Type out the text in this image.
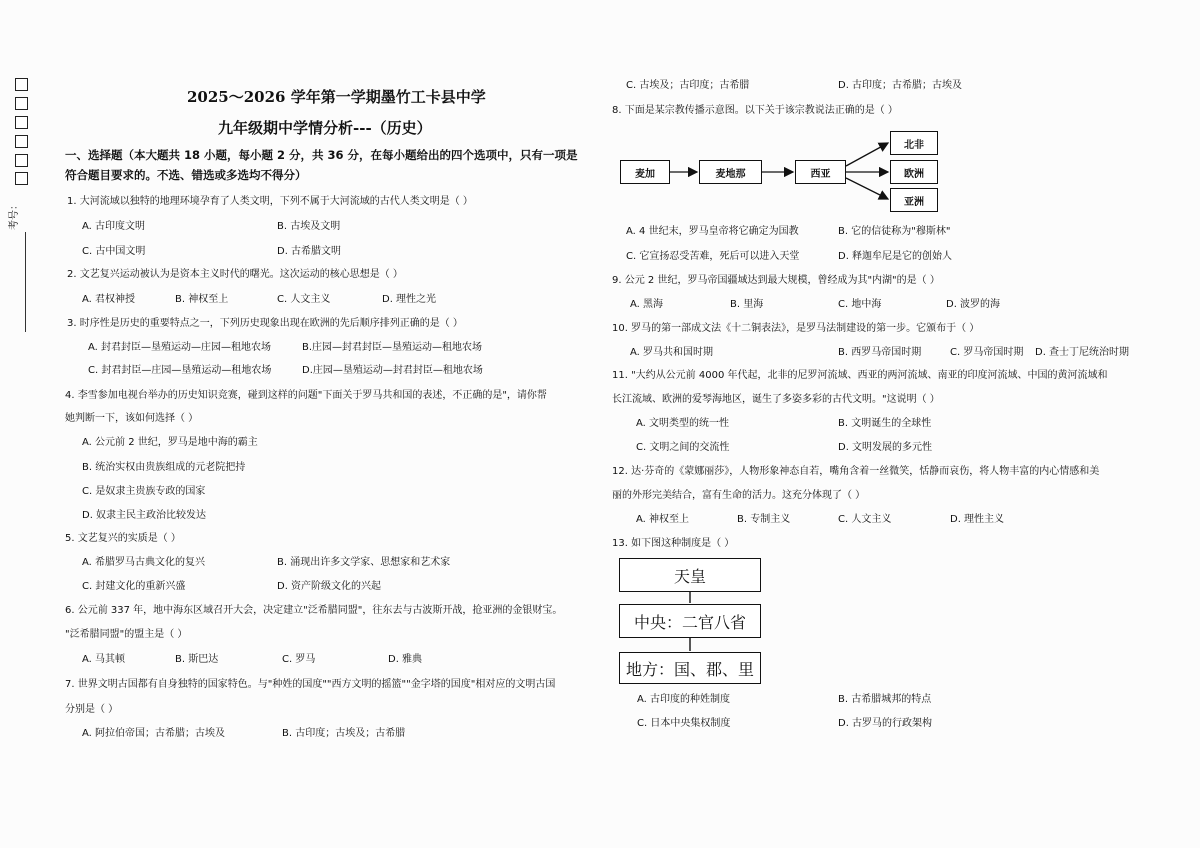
考号：
2025～2026 学年第一学期墨竹工卡县中学
九年级期中学情分析---（历史）
一、选择题（本大题共 18 小题，每小题 2 分，共 36 分，在每小题给出的四个选项中，只有一项是
符合题目要求的。不选、错选或多选均不得分）
1. 大河流域以独特的地理环境孕育了人类文明，下列不属于大河流域的古代人类文明是（ ）
A. 古印度文明	B. 古埃及文明
C. 古中国文明	D. 古希腊文明
2. 文艺复兴运动被认为是资本主义时代的曙光。这次运动的核心思想是（ ）
A. 君权神授	B. 神权至上	C. 人文主义	D. 理性之光
3. 时序性是历史的重要特点之一，下列历史现象出现在欧洲的先后顺序排列正确的是（ ）
A. 封君封臣—垦殖运动—庄园—租地农场	B.庄园—封君封臣—垦殖运动—租地农场
C. 封君封臣—庄园—垦殖运动—租地农场	D.庄园—垦殖运动—封君封臣—租地农场
4. 李雪参加电视台举办的历史知识竞赛，碰到这样的问题"下面关于罗马共和国的表述，不正确的是"，请你帮
她判断一下，该如何选择（ ）
A. 公元前 2 世纪，罗马是地中海的霸主
B. 统治实权由贵族组成的元老院把持
C. 是奴隶主贵族专政的国家
D. 奴隶主民主政治比较发达
5. 文艺复兴的实质是（ ）
A. 希腊罗马古典文化的复兴	B. 涌现出许多文学家、思想家和艺术家
C. 封建文化的重新兴盛	D. 资产阶级文化的兴起
6. 公元前 337 年，地中海东区域召开大会，决定建立"泛希腊同盟"，往东去与古波斯开战，抢亚洲的金银财宝。
"泛希腊同盟"的盟主是（ ）
A. 马其顿	B. 斯巴达	C. 罗马	D. 雅典
7. 世界文明古国都有自身独特的国家特色。与"种姓的国度""西方文明的摇篮""金字塔的国度"相对应的文明古国
分别是（ ）
A. 阿拉伯帝国；古希腊；古埃及	B. 古印度；古埃及；古希腊
C. 古埃及；古印度；古希腊	D. 古印度；古希腊；古埃及
8. 下面是某宗教传播示意图。以下关于该宗教说法正确的是（ ）
麦加	麦地那	西亚
北非
欧洲
亚洲
A. 4 世纪末，罗马皇帝将它确定为国教	B. 它的信徒称为"穆斯林"
C. 它宣扬忍受苦难，死后可以进入天堂	D. 释迦牟尼是它的创始人
9. 公元 2 世纪，罗马帝国疆域达到最大规模，曾经成为其"内湖"的是（ ）
A. 黑海	B. 里海	C. 地中海	D. 波罗的海
10. 罗马的第一部成文法《十二铜表法》，是罗马法制建设的第一步。它颁布于（ ）
A. 罗马共和国时期	B. 西罗马帝国时期	C. 罗马帝国时期 D. 查士丁尼统治时期
11. "大约从公元前 4000 年代起，北非的尼罗河流域、西亚的两河流域、南亚的印度河流域、中国的黄河流域和
长江流域、欧洲的爱琴海地区，诞生了多姿多彩的古代文明。"这说明（ ）
A. 文明类型的统一性	B. 文明诞生的全球性
C. 文明之间的交流性	D. 文明发展的多元性
12. 达·芬奇的《蒙娜丽莎》，人物形象神态自若，嘴角含着一丝微笑，恬静而哀伤，将人物丰富的内心情感和美
丽的外形完美结合，富有生命的活力。这充分体现了（ ）
A. 神权至上	B. 专制主义	C. 人文主义	D. 理性主义
13. 如下图这种制度是（ ）
天皇
中央：二官八省
地方：国、郡、里
A. 古印度的种姓制度	B. 古希腊城邦的特点
C. 日本中央集权制度	D. 古罗马的行政架构
